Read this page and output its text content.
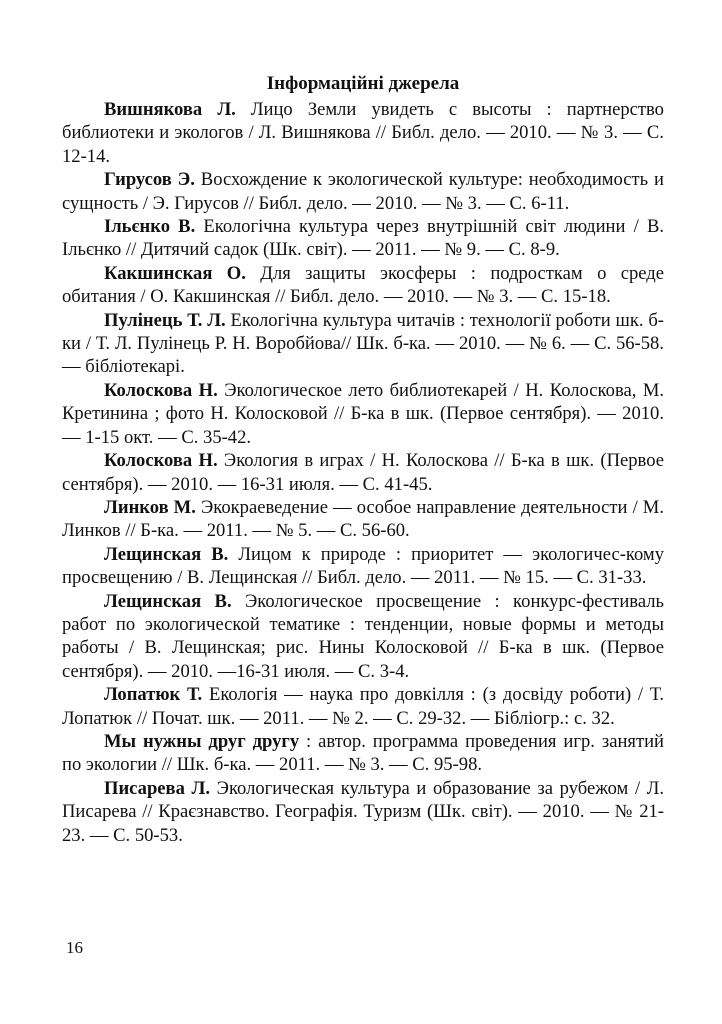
Інформаційні джерела

Вишнякова Л. Лицо Земли увидеть с высоты : партнерство библиотеки и экологов / Л. Вишнякова // Библ. дело. — 2010. — № 3. — С. 12-14.

Гирусов Э. Восхождение к экологической культуре: необходимость и сущность / Э. Гирусов // Библ. дело. — 2010. — № 3. — С. 6-11.

Ільєнко В. Екологічна культура через внутрішній світ людини / В. Ільєнко // Дитячий садок (Шк. світ). — 2011. — № 9. — С. 8-9.

Какшинская О. Для защиты экосферы : подросткам о среде обитания / О. Какшинская // Библ. дело. — 2010. — № 3. — С. 15-18.

Пулінець Т. Л. Екологічна культура читачів : технології роботи шк. б-ки / Т. Л. Пулінець Р. Н. Воробйова// Шк. б-ка. — 2010. — № 6. — С. 56-58. — бібліотекарі.

Колоскова Н. Экологическое лето библиотекарей / Н. Колоскова, М. Кретинина ; фото Н. Колосковой // Б-ка в шк. (Первое сентября). — 2010. — 1-15 окт. — С. 35-42.

Колоскова Н. Экология в играх / Н. Колоскова // Б-ка в шк. (Первое сентября). — 2010. — 16-31 июля. — С. 41-45.

Линков М. Экокраеведение — особое направление деятельности / М. Линков // Б-ка. — 2011. — № 5. — С. 56-60.

Лещинская В. Лицом к природе : приоритет — экологичес-кому просвещению / В. Лещинская // Библ. дело. — 2011. — № 15. — С. 31-33.

Лещинская В. Экологическое просвещение : конкурс-фестиваль работ по экологической тематике : тенденции, новые формы и методы работы / В. Лещинская; рис. Нины Колосковой // Б-ка в шк. (Первое сентября). — 2010. —16-31 июля. — С. 3-4.

Лопатюк Т. Екологія — наука про довкілля : (з досвіду роботи) / Т. Лопатюк // Почат. шк. — 2011. — № 2. — С. 29-32. — Бібліогр.: с. 32.

Мы нужны друг другу : автор. программа проведения игр. занятий по экологии // Шк. б-ка. — 2011. — № 3. — С. 95-98.

Писарева Л. Экологическая культура и образование за рубежом / Л. Писарева // Краєзнавство. Географія. Туризм (Шк. світ). — 2010. — № 21-23. — С. 50-53.

16
